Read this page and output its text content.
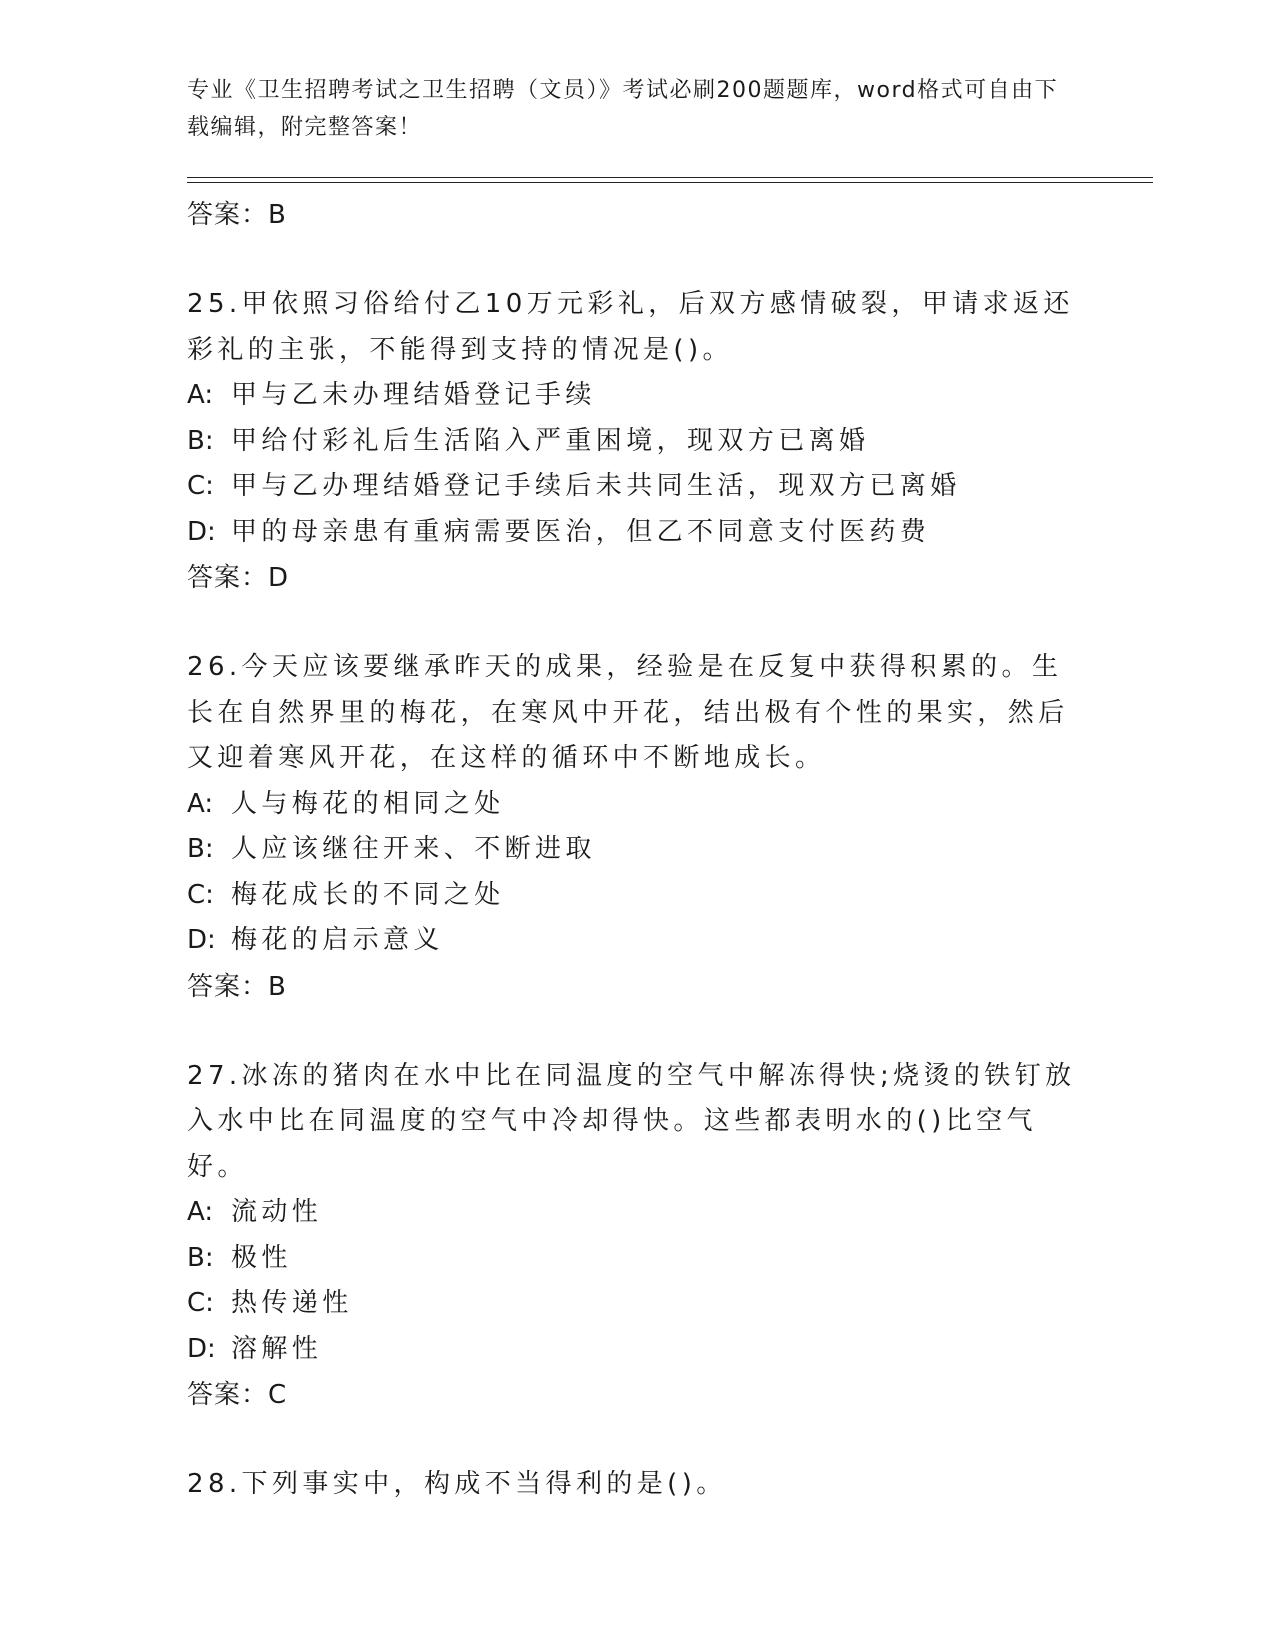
专业《卫生招聘考试之卫生招聘（文员）》考试必刷200题题库，word格式可自由下载编辑，附完整答案！

答案：B

25.甲依照习俗给付乙10万元彩礼，后双方感情破裂，甲请求返还彩礼的主张，不能得到支持的情况是()。

A: 甲与乙未办理结婚登记手续

B: 甲给付彩礼后生活陷入严重困境，现双方已离婚

C: 甲与乙办理结婚登记手续后未共同生活，现双方已离婚

D: 甲的母亲患有重病需要医治，但乙不同意支付医药费

答案：D

26.今天应该要继承昨天的成果，经验是在反复中获得积累的。生长在自然界里的梅花，在寒风中开花，结出极有个性的果实，然后又迎着寒风开花，在这样的循环中不断地成长。

A: 人与梅花的相同之处

B: 人应该继往开来、不断进取

C: 梅花成长的不同之处

D: 梅花的启示意义

答案：B

27.冰冻的猪肉在水中比在同温度的空气中解冻得快;烧烫的铁钉放入水中比在同温度的空气中冷却得快。这些都表明水的()比空气好。

A: 流动性

B: 极性

C: 热传递性

D: 溶解性

答案：C

28.下列事实中，构成不当得利的是()。
